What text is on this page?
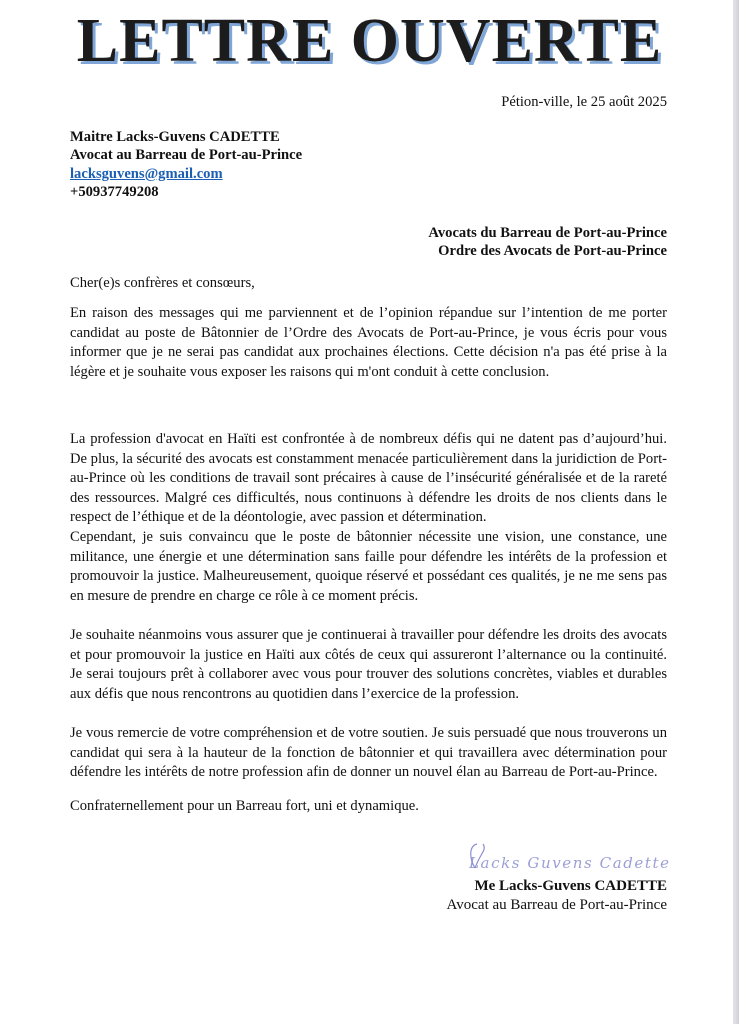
LETTRE OUVERTE
Pétion-ville, le 25 août 2025
Maitre Lacks-Guvens CADETTE
Avocat au Barreau de Port-au-Prince
lacksguvens@gmail.com
+50937749208
Avocats du Barreau de Port-au-Prince
Ordre des Avocats de Port-au-Prince
Cher(e)s confrères et consœurs,
En raison des messages qui me parviennent et de l’opinion répandue sur l’intention de me porter candidat au poste de Bâtonnier de l’Ordre des Avocats de Port-au-Prince, je vous écris pour vous informer que je ne serai pas candidat aux prochaines élections. Cette décision n'a pas été prise à la légère et je souhaite vous exposer les raisons qui m'ont conduit à cette conclusion.
La profession d'avocat en Haïti est confrontée à de nombreux défis qui ne datent pas d’aujourd’hui. De plus, la sécurité des avocats est constamment menacée particulièrement dans la juridiction de Port-au-Prince où les conditions de travail sont précaires à cause de l’insécurité généralisée et de la rareté des ressources. Malgré ces difficultés, nous continuons à défendre les droits de nos clients dans le respect de l’éthique et de la déontologie, avec passion et détermination.
Cependant, je suis convaincu que le poste de bâtonnier nécessite une vision, une constance, une militance, une énergie et une détermination sans faille pour défendre les intérêts de la profession et promouvoir la justice. Malheureusement, quoique réservé et possédant ces qualités, je ne me sens pas en mesure de prendre en charge ce rôle à ce moment précis.
Je souhaite néanmoins vous assurer que je continuerai à travailler pour défendre les droits des avocats et pour promouvoir la justice en Haïti aux côtés de ceux qui assureront l’alternance ou la continuité. Je serai toujours prêt à collaborer avec vous pour trouver des solutions concrètes, viables et durables aux défis que nous rencontrons au quotidien dans l’exercice de la profession.
Je vous remercie de votre compréhension et de votre soutien. Je suis persuadé que nous trouverons un candidat qui sera à la hauteur de la fonction de bâtonnier et qui travaillera avec détermination pour défendre les intérêts de notre profession afin de donner un nouvel élan au Barreau de Port-au-Prince.
Confraternellement pour un Barreau fort, uni et dynamique.
Lacks Guvens Cadette
Me Lacks-Guvens CADETTE
Avocat au Barreau de Port-au-Prince
